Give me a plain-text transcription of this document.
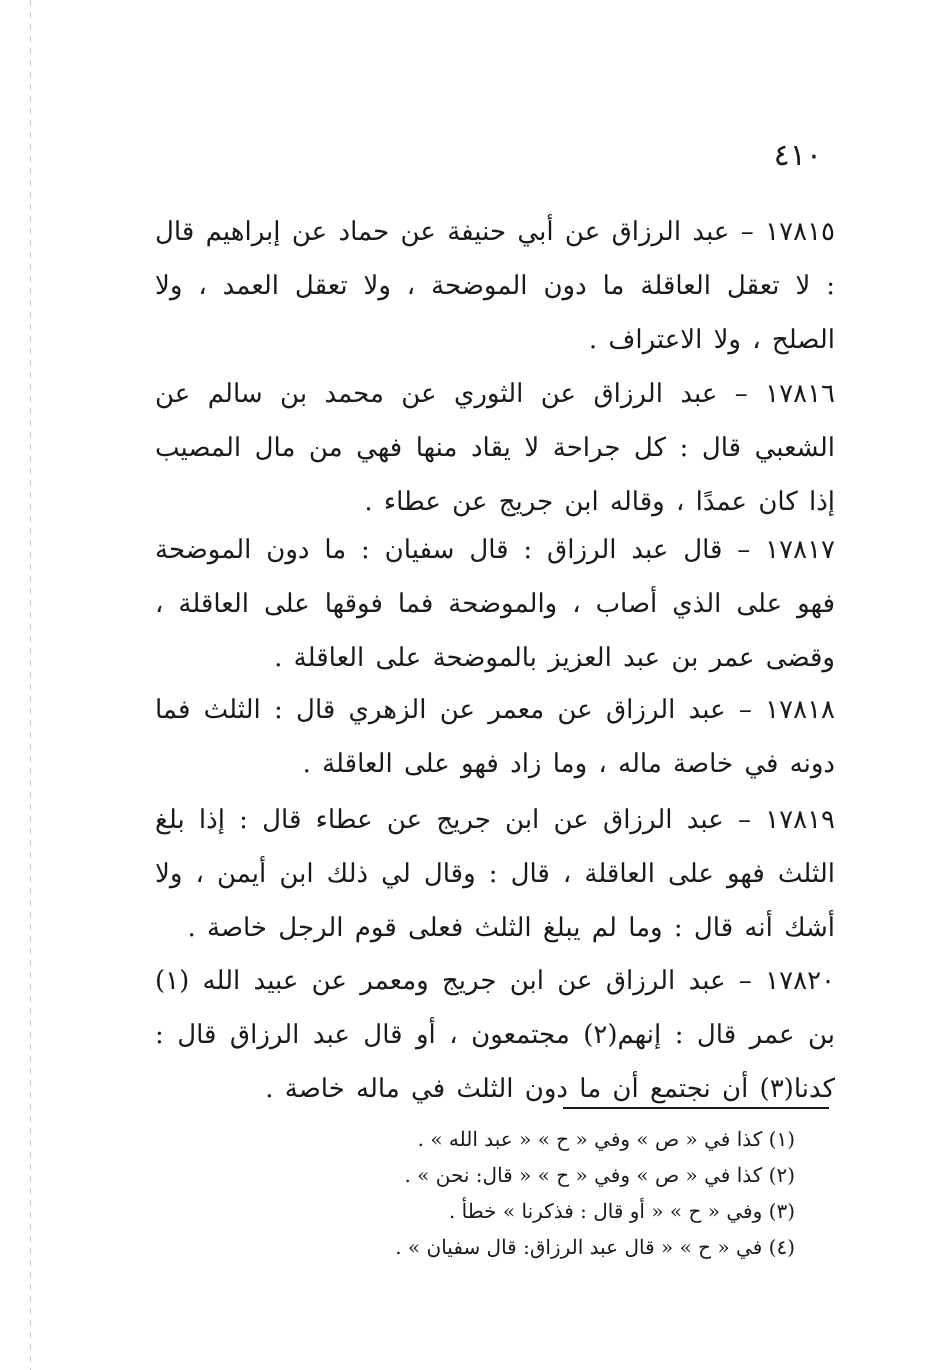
٤١٠
١٧٨١٥ – عبد الرزاق عن أبي حنيفة عن حماد عن إبراهيم قال : لا تعقل العاقلة ما دون الموضحة ، ولا تعقل العمد ، ولا الصلح ، ولا الاعتراف .
١٧٨١٦ – عبد الرزاق عن الثوري عن محمد بن سالم عن الشعبي قال : كل جراحة لا يقاد منها فهي من مال المصيب إذا كان عمدًا ، وقاله ابن جريج عن عطاء .
١٧٨١٧ – قال عبد الرزاق : قال سفيان : ما دون الموضحة فهو على الذي أصاب ، والموضحة فما فوقها على العاقلة ، وقضى عمر بن عبد العزيز بالموضحة على العاقلة .
١٧٨١٨ – عبد الرزاق عن معمر عن الزهري قال : الثلث فما دونه في خاصة ماله ، وما زاد فهو على العاقلة .
١٧٨١٩ – عبد الرزاق عن ابن جريج عن عطاء قال : إذا بلغ الثلث فهو على العاقلة ، قال : وقال لي ذلك ابن أيمن ، ولا أشك أنه قال : وما لم يبلغ الثلث فعلى قوم الرجل خاصة .
١٧٨٢٠ – عبد الرزاق عن ابن جريج ومعمر عن عبيد الله (١) بن عمر قال : إنهم(٢) مجتمعون ، أو قال عبد الرزاق قال : كدنا(٣) أن نجتمع أن ما دون الثلث في ماله خاصة .
(١) كذا في « ص » وفي « ح » « عبد الله » .
(٢) كذا في « ص » وفي « ح » « قال: نحن » .
(٣) وفي « ح » « أو قال : فذكرنا » خطأ .
(٤) في « ح » « قال عبد الرزاق: قال سفيان » .
